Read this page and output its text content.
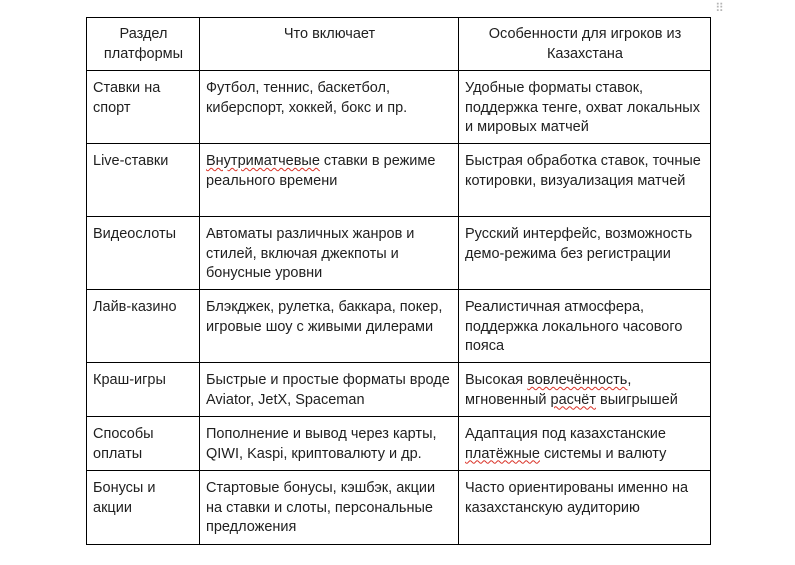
⠿
Раздел платформы	Что включает	Особенности для игроков из Казахстана
Ставки на спорт	Футбол, теннис, баскетбол, киберспорт, хоккей, бокс и пр.	Удобные форматы ставок, поддержка тенге, охват локальных и мировых матчей
Live-ставки	Внутриматчевые ставки в режиме реального времени	Быстрая обработка ставок, точные котировки, визуализация матчей
Видеослоты	Автоматы различных жанров и стилей, включая джекпоты и бонусные уровни	Русский интерфейс, возможность демо-режима без регистрации
Лайв-казино	Блэкджек, рулетка, баккара, покер, игровые шоу с живыми дилерами	Реалистичная атмосфера, поддержка локального часового пояса
Краш-игры	Быстрые и простые форматы вроде Aviator, JetX, Spaceman	Высокая вовлечённость, мгновенный расчёт выигрышей
Способы оплаты	Пополнение и вывод через карты, QIWI, Kaspi, криптовалюту и др.	Адаптация под казахстанские платёжные системы и валюту
Бонусы и акции	Стартовые бонусы, кэшбэк, акции на ставки и слоты, персональные предложения	Часто ориентированы именно на казахстанскую аудиторию
